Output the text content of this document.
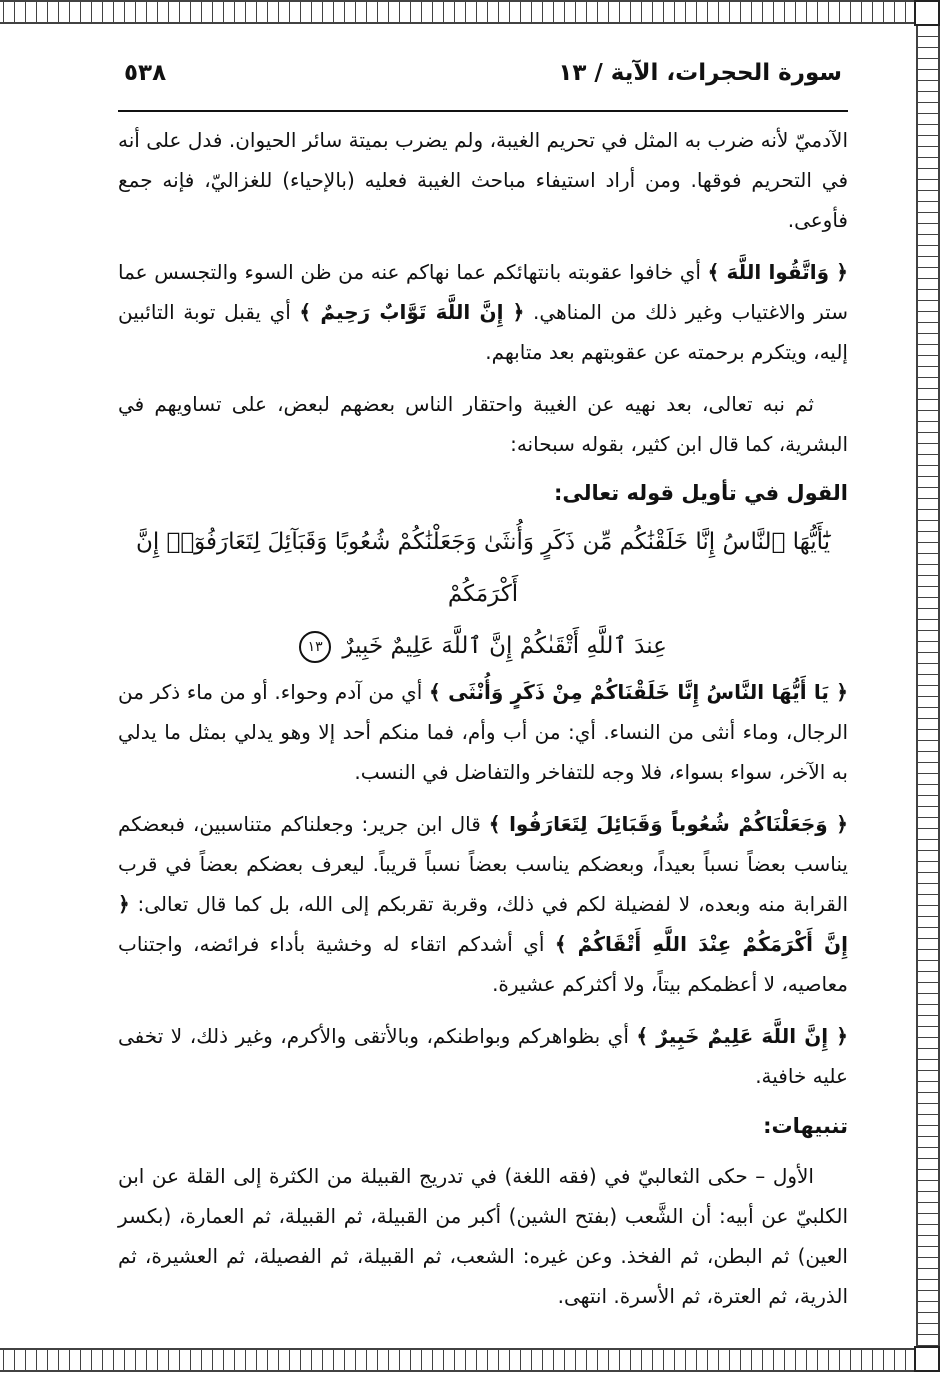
سورة الحجرات، الآية / ١٣
٥٣٨

الآدميّ لأنه ضرب به المثل في تحريم الغيبة، ولم يضرب بميتة سائر الحيوان. فدل على أنه في التحريم فوقها. ومن أراد استيفاء مباحث الغيبة فعليه (بالإحياء) للغزاليّ، فإنه جمع فأوعى.

﴿ وَاتَّقُوا اللَّهَ ﴾ أي خافوا عقوبته بانتهائكم عما نهاكم عنه من ظن السوء والتجسس عما ستر والاغتياب وغير ذلك من المناهي. ﴿ إِنَّ اللَّهَ تَوَّابٌ رَحِيمٌ ﴾ أي يقبل توبة التائبين إليه، ويتكرم برحمته عن عقوبتهم بعد متابهم.

ثم نبه تعالى، بعد نهيه عن الغيبة واحتقار الناس بعضهم لبعض، على تساويهم في البشرية، كما قال ابن كثير، بقوله سبحانه:

القول في تأويل قوله تعالى:

يَٰٓأَيُّهَا ٱلنَّاسُ إِنَّا خَلَقْنَٰكُم مِّن ذَكَرٍ وَأُنثَىٰ وَجَعَلْنَٰكُمْ شُعُوبًا وَقَبَآئِلَ لِتَعَارَفُوٓا۟ إِنَّ أَكْرَمَكُمْ
عِندَ ٱللَّهِ أَتْقَىٰكُمْ إِنَّ ٱللَّهَ عَلِيمٌ خَبِيرٌ ١٣

﴿ يَا أَيُّهَا النَّاسُ إِنَّا خَلَقْنَاكُمْ مِنْ ذَكَرٍ وَأُنْثَى ﴾ أي من آدم وحواء. أو من ماء ذكر من الرجال، وماء أنثى من النساء. أي: من أب وأم، فما منكم أحد إلا وهو يدلي بمثل ما يدلي به الآخر، سواء بسواء، فلا وجه للتفاخر والتفاضل في النسب.

﴿ وَجَعَلْنَاكُمْ شُعُوباً وَقَبَائِلَ لِتَعَارَفُوا ﴾ قال ابن جرير: وجعلناكم متناسبين، فبعضكم يناسب بعضاً نسباً بعيداً، وبعضكم يناسب بعضاً نسباً قريباً. ليعرف بعضكم بعضاً في قرب القرابة منه وبعده، لا لفضيلة لكم في ذلك، وقربة تقربكم إلى الله، بل كما قال تعالى: ﴿ إِنَّ أَكْرَمَكُمْ عِنْدَ اللَّهِ أَتْقَاكُمْ ﴾ أي أشدكم اتقاء له وخشية بأداء فرائضه، واجتناب معاصيه، لا أعظمكم بيتاً، ولا أكثركم عشيرة.

﴿ إِنَّ اللَّهَ عَلِيمٌ خَبِيرٌ ﴾ أي بظواهركم وبواطنكم، وبالأتقى والأكرم، وغير ذلك، لا تخفى عليه خافية.

تنبيهات:

الأول – حكى الثعالبيّ في (فقه اللغة) في تدريج القبيلة من الكثرة إلى القلة عن ابن الكلبيّ عن أبيه: أن الشَّعب (بفتح الشين) أكبر من القبيلة، ثم القبيلة، ثم العمارة، (بكسر العين) ثم البطن، ثم الفخذ. وعن غيره: الشعب، ثم القبيلة، ثم الفصيلة، ثم العشيرة، ثم الذرية، ثم العترة، ثم الأسرة. انتهى.
